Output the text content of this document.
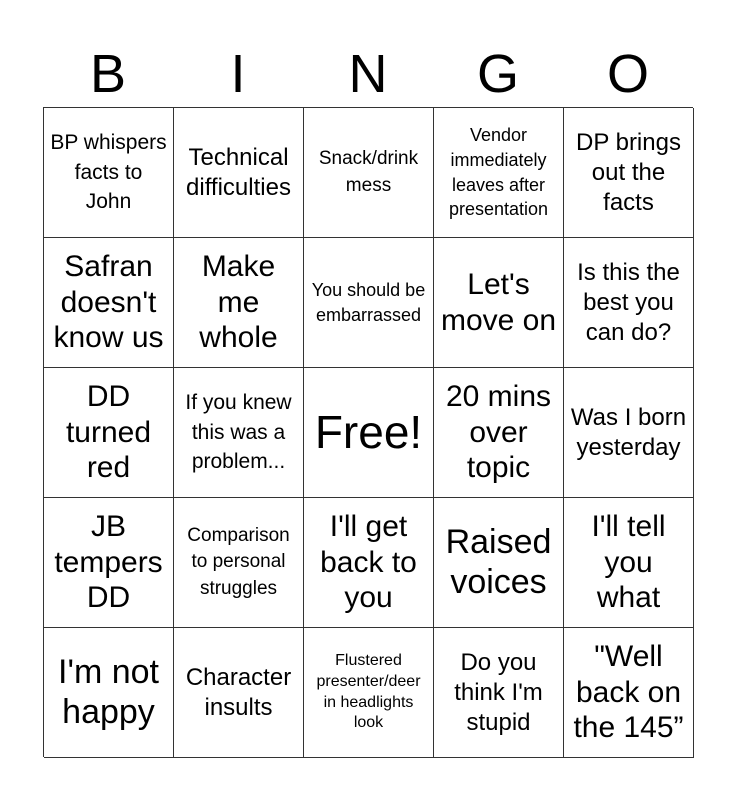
B	I	N	G	O
BP whispers facts to John
Technical difficulties
Snack/drink mess
Vendor immediately leaves after presentation
DP brings out the facts
Safran doesn't know us
Make me whole
You should be embarrassed
Let's move on
Is this the best you can do?
DD turned red
If you knew this was a problem...
Free!
20 mins over topic
Was I born yesterday
JB tempers DD
Comparison to personal struggles
I'll get back to you
Raised voices
I'll tell you what
I'm not happy
Character insults
Flustered presenter/deer in headlights look
Do you think I'm stupid
"Well back on the 145”
